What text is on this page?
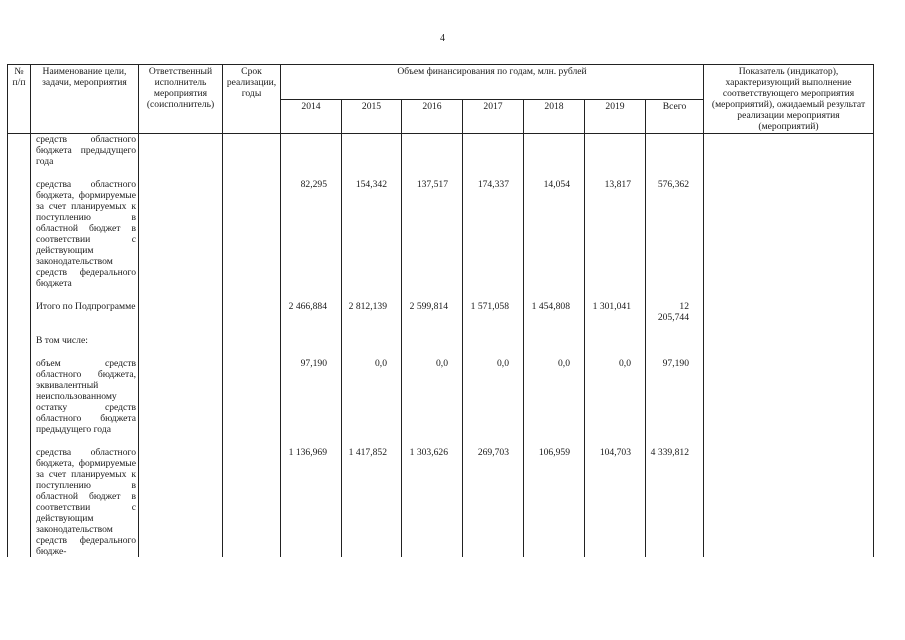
4
№ п/п	Наименование цели, задачи, мероприятия	Ответственный исполнитель мероприятия (соисполнитель)	Срок реализации, годы	Объем финансирования по годам, млн. рублей							Показатель (индикатор), характеризующий выполнение соответствующего мероприятия (мероприятий), ожидаемый результат реализации мероприятия (мероприятий)
				2014	2015	2016	2017	2018	2019	Всего	
	средств областного бюджета предыдущего года										

	средства областного бюджета, формируемые за счет планируемых к поступлению в областной бюджет в соответствии с действующим законодательством средств федерального бюджета			82,295	154,342	137,517	174,337	14,054	13,817	576,362	

	Итого по Подпрограмме			2 466,884	2 812,139	2 599,814	1 571,058	1 454,808	1 301,041	12 205,744	

	В том числе:										

	объем средств областного бюджета, эквивалентный неиспользованному остатку средств областного бюджета предыдущего года			97,190	0,0	0,0	0,0	0,0	0,0	97,190	

	средства областного бюджета, формируемые за счет планируемых к поступлению в областной бюджет в соответствии с действующим законодательством средств федерального бюдже-			1 136,969	1 417,852	1 303,626	269,703	106,959	104,703	4 339,812	
